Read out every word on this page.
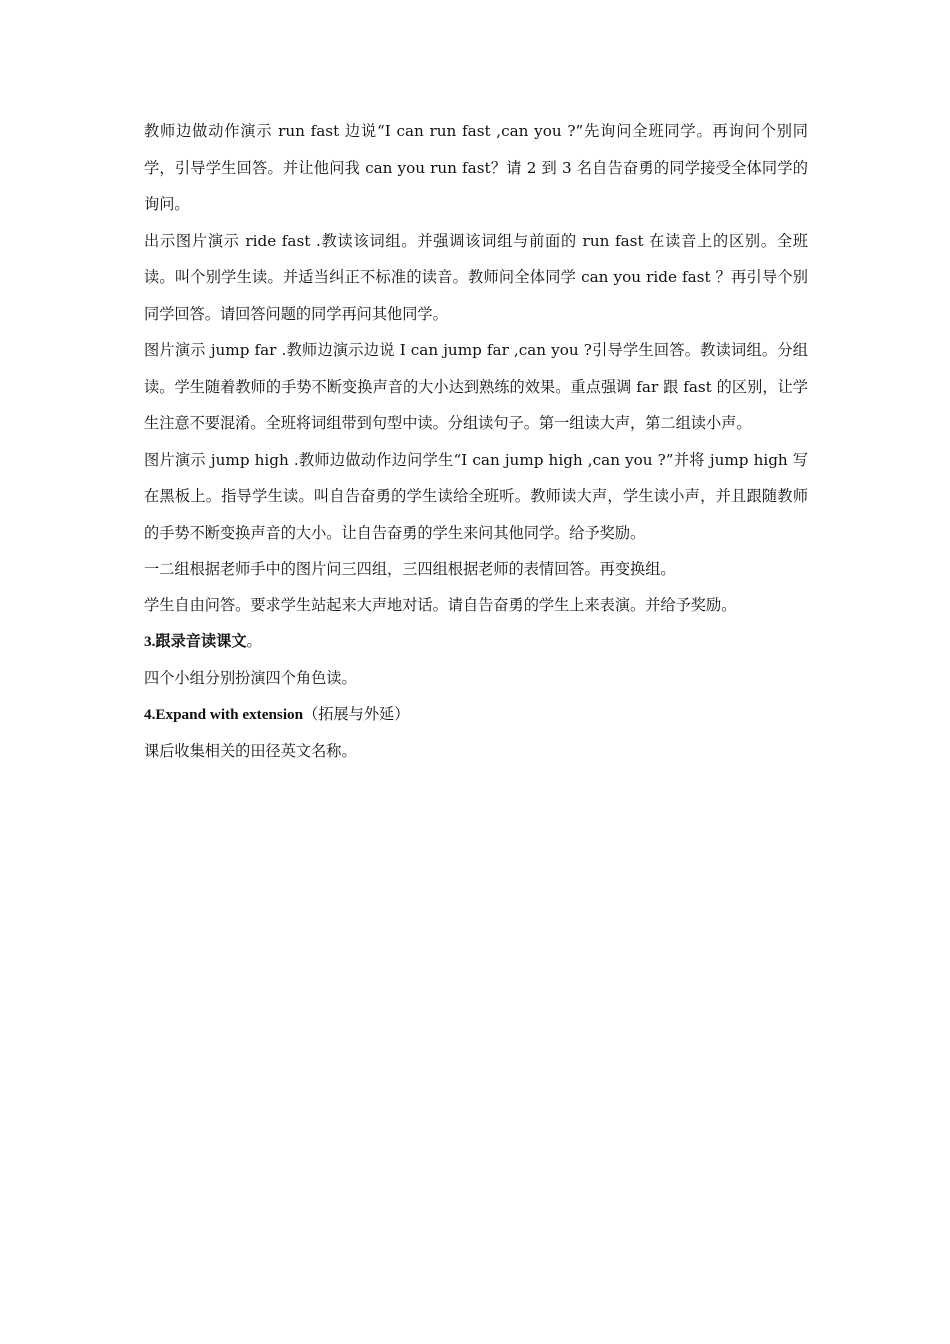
教师边做动作演示 run fast 边说“I can run fast ,can you ?”先询问全班同学。再询问个别同学，引导学生回答。并让他问我 can you run fast？请 2 到 3 名自告奋勇的同学接受全体同学的询问。

出示图片演示 ride fast .教读该词组。并强调该词组与前面的 run fast 在读音上的区别。全班读。叫个别学生读。并适当纠正不标准的读音。教师问全体同学 can you ride fast ？再引导个别同学回答。请回答问题的同学再问其他同学。

图片演示 jump far .教师边演示边说 I can jump far ,can you ?引导学生回答。教读词组。分组读。学生随着教师的手势不断变换声音的大小达到熟练的效果。重点强调 far 跟 fast 的区别，让学生注意不要混淆。全班将词组带到句型中读。分组读句子。第一组读大声，第二组读小声。

图片演示 jump high .教师边做动作边问学生“I can jump high ,can you ?”并将 jump high 写在黑板上。指导学生读。叫自告奋勇的学生读给全班听。教师读大声，学生读小声，并且跟随教师的手势不断变换声音的大小。让自告奋勇的学生来问其他同学。给予奖励。

一二组根据老师手中的图片问三四组，三四组根据老师的表情回答。再变换组。

学生自由问答。要求学生站起来大声地对话。请自告奋勇的学生上来表演。并给予奖励。

3.跟录音读课文。

四个小组分别扮演四个角色读。

4.Expand with extension（拓展与外延）

课后收集相关的田径英文名称。
